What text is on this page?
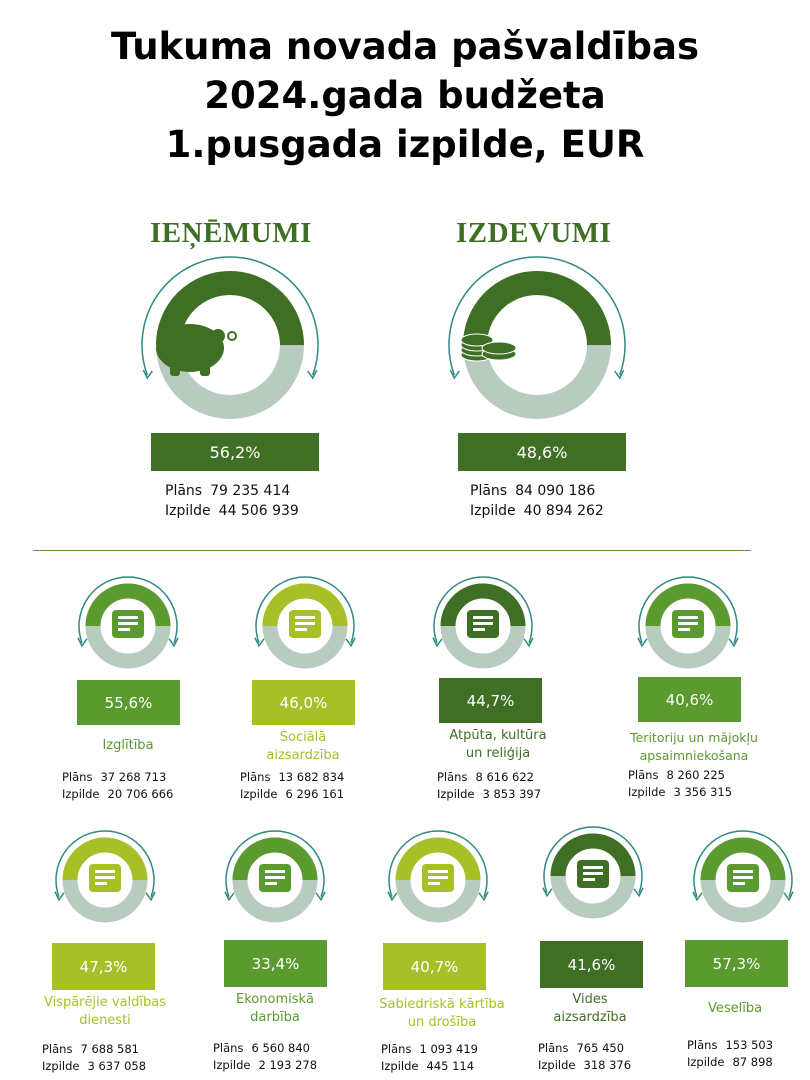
Tukuma novada pašvaldības
2024.gada budžeta
1.pusgada izpilde, EUR
IEŅĒMUMI
56,2%
Plāns 79 235 414
Izpilde 44 506 939
IZDEVUMI
48,6%
Plāns 84 090 186
Izpilde 40 894 262
55,6%
Izglītība
Plāns 37 268 713
Izpilde 20 706 666
46,0%
Sociālā
aizsardzība
Plāns 13 682 834
Izpilde 6 296 161
44,7%
Atpūta, kultūra
un reliģija
Plāns 8 616 622
Izpilde 3 853 397
40,6%
Teritoriju un mājokļu
apsaimniekošana
Plāns 8 260 225
Izpilde 3 356 315
47,3%
Vispārējie valdības
dienesti
Plāns 7 688 581
Izpilde 3 637 058
33,4%
Ekonomiskā
darbība
Plāns 6 560 840
Izpilde 2 193 278
40,7%
Sabiedriskā kārtība
un drošība
Plāns 1 093 419
Izpilde 445 114
41,6%
Vides
aizsardzība
Plāns 765 450
Izpilde 318 376
57,3%
Veselība
Plāns 153 503
Izpilde 87 898
